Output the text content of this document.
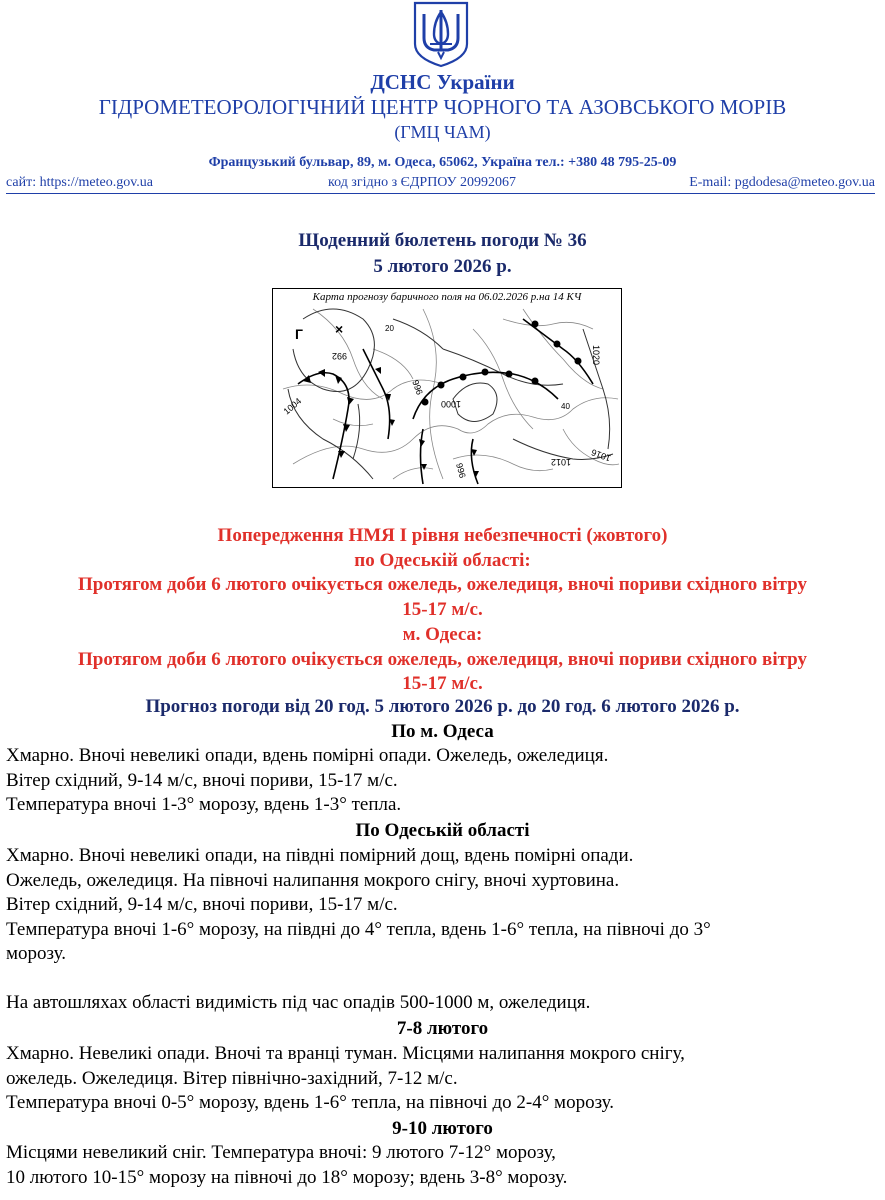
ДСНС України
ГІДРОМЕТЕОРОЛОГІЧНИЙ ЦЕНТР ЧОРНОГО ТА АЗОВСЬКОГО МОРІВ
(ГМЦ ЧАМ)
Французький бульвар, 89, м. Одеса, 65062, Україна тел.: +380 48 795-25-09
сайт: https://meteo.gov.ua	код згідно з ЄДРПОУ 20992067	E-mail: pgdodesa@meteo.gov.ua
Щоденний бюлетень погоди № 36
5 лютого 2026 р.
Карта прогнозу баричного поля на 06.02.2026 р.на 14 КЧ
992
1004
996
1000
996
1020
1012 1016
20
40
Г ×
Попередження НМЯ І рівня небезпечності (жовтого)
по Одеській області:
Протягом доби 6 лютого очікується ожеледь, ожеледиця, вночі пориви східного вітру
15-17 м/с.
м. Одеса:
Протягом доби 6 лютого очікується ожеледь, ожеледиця, вночі пориви східного вітру
15-17 м/с.
Прогноз погоди від 20 год. 5 лютого 2026 р. до 20 год. 6 лютого 2026 р.
По м. Одеса
Хмарно. Вночі невеликі опади, вдень помірні опади. Ожеледь, ожеледиця.
Вітер східний, 9-14 м/с, вночі пориви, 15-17 м/с.
Температура вночі 1-3° морозу, вдень 1-3° тепла.
По Одеській області
Хмарно. Вночі невеликі опади, на півдні помірний дощ, вдень помірні опади.
Ожеледь, ожеледиця. На півночі налипання мокрого снігу, вночі хуртовина.
Вітер східний, 9-14 м/с, вночі пориви, 15-17 м/с.
Температура вночі 1-6° морозу, на півдні до 4° тепла, вдень 1-6° тепла, на півночі до 3°
морозу.
На автошляхах області видимість під час опадів 500-1000 м, ожеледиця.
7-8 лютого
Хмарно. Невеликі опади. Вночі та вранці туман. Місцями налипання мокрого снігу,
ожеледь. Ожеледиця. Вітер північно-західний, 7-12 м/с.
Температура вночі 0-5° морозу, вдень 1-6° тепла, на півночі до 2-4° морозу.
9-10 лютого
Місцями невеликий сніг. Температура вночі: 9 лютого 7-12° морозу,
10 лютого 10-15° морозу на півночі до 18° морозу; вдень 3-8° морозу.
